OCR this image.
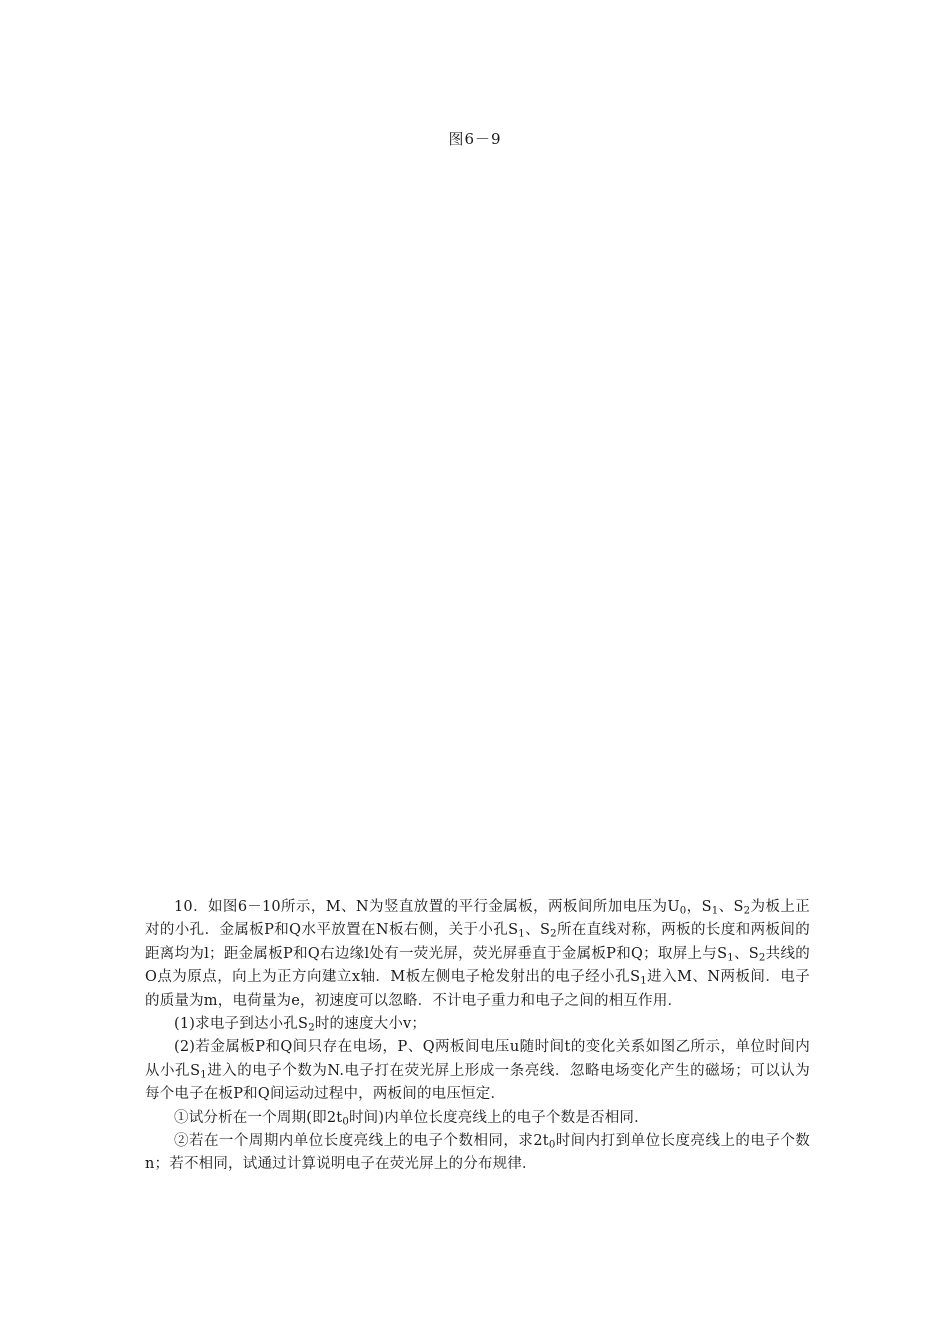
图6－9

10．如图6－10所示，M、N为竖直放置的平行金属板，两板间所加电压为$U_0$，$S_1$、$S_2$为板上正对的小孔．金属板P和Q水平放置在N板右侧，关于小孔$S_1$、$S_2$所在直线对称，两板的长度和两板间的距离均为l；距金属板P和Q右边缘l处有一荧光屏，荧光屏垂直于金属板P和Q；取屏上与$S_1$、$S_2$共线的O点为原点，向上为正方向建立x轴．M板左侧电子枪发射出的电子经小孔$S_1$进入M、N两板间．电子的质量为m，电荷量为e，初速度可以忽略．不计电子重力和电子之间的相互作用．

(1)求电子到达小孔$S_2$时的速度大小v；

(2)若金属板P和Q间只存在电场，P、Q两板间电压u随时间t的变化关系如图乙所示，单位时间内从小孔$S_1$进入的电子个数为N.电子打在荧光屏上形成一条亮线．忽略电场变化产生的磁场；可以认为每个电子在板P和Q间运动过程中，两板间的电压恒定．

①试分析在一个周期(即$2t_0$时间)内单位长度亮线上的电子个数是否相同．

②若在一个周期内单位长度亮线上的电子个数相同，求$2t_0$时间内打到单位长度亮线上的电子个数n；若不相同，试通过计算说明电子在荧光屏上的分布规律．
